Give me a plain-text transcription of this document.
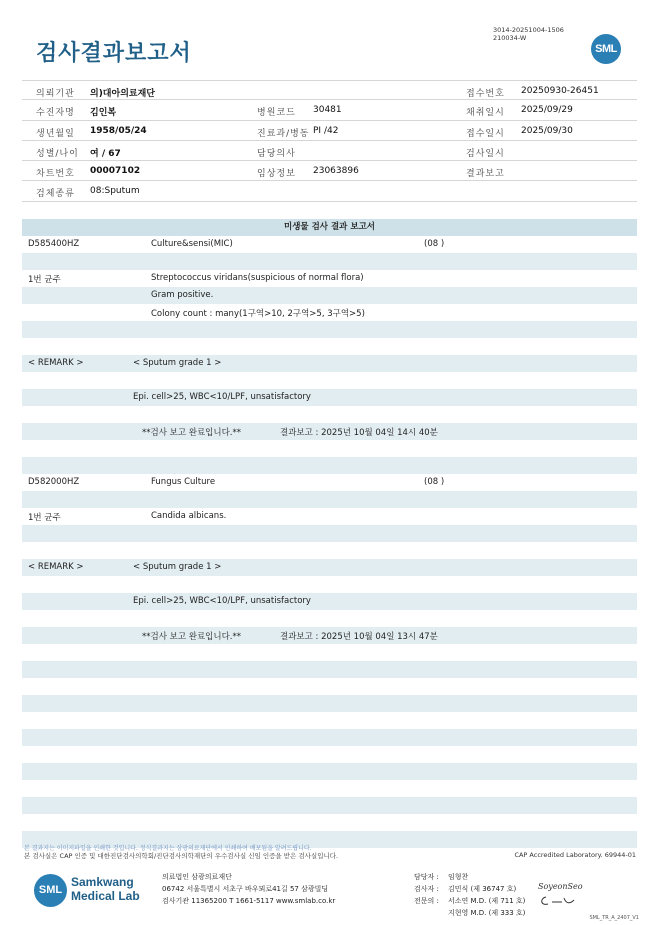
검사결과보고서
3014-20251004-1506
210034-W
SML
의뢰기관 의)대아의료재단	접수번호 20250930-26451
수진자명 김인복	병원코드 30481	채취일시 2025/09/29
생년월일 1958/05/24	진료과/병동 PI /42	접수일시 2025/09/30
성별/나이 여 / 67	담당의사	검사일시
차트번호 00007102	임상정보 23063896	결과보고
검체종류 08:Sputum
미생물 검사 결과 보고서
D585400HZ	Culture&sensi(MIC)	(08 )
1번 균주	Streptococcus viridans(suspicious of normal flora)
Gram positive.
Colony count : many(1구역>10, 2구역>5, 3구역>5)
< REMARK >	< Sputum grade 1 >
Epi. cell>25, WBC<10/LPF, unsatisfactory
**검사 보고 완료입니다.**	결과보고 : 2025년 10월 04일 14시 40분
D582000HZ	Fungus Culture	(08 )
1번 균주	Candida albicans.
< REMARK >	< Sputum grade 1 >
Epi. cell>25, WBC<10/LPF, unsatisfactory
**검사 보고 완료입니다.**	결과보고 : 2025년 10월 04일 13시 47분
본 결과지는 이미지파일을 인쇄한 것입니다. 정식결과지는 삼광의료재단에서 인쇄하여 배포됨을 알려드립니다.
본 검사실은 CAP 인증 및 대한진단검사의학회/진단검사의학재단의 우수검사실 신임 인증을 받은 검사실입니다.	CAP Accredited Laboratory. 69944-01
SML
Samkwang
Medical Lab
의료법인 삼광의료재단
06742 서울특별시 서초구 바우뫼로41길 57 삼광빌딩
검사기관 11365200 T 1661-5117 www.smlab.co.kr
담당자 : 임형찬
검사자 : 김민식 (제 36747 호)
전문의 : 서소연 M.D. (제 711 호)
지현영 M.D. (제 333 호)
SoyeonSeo
SML_TR_A_2407_V1
